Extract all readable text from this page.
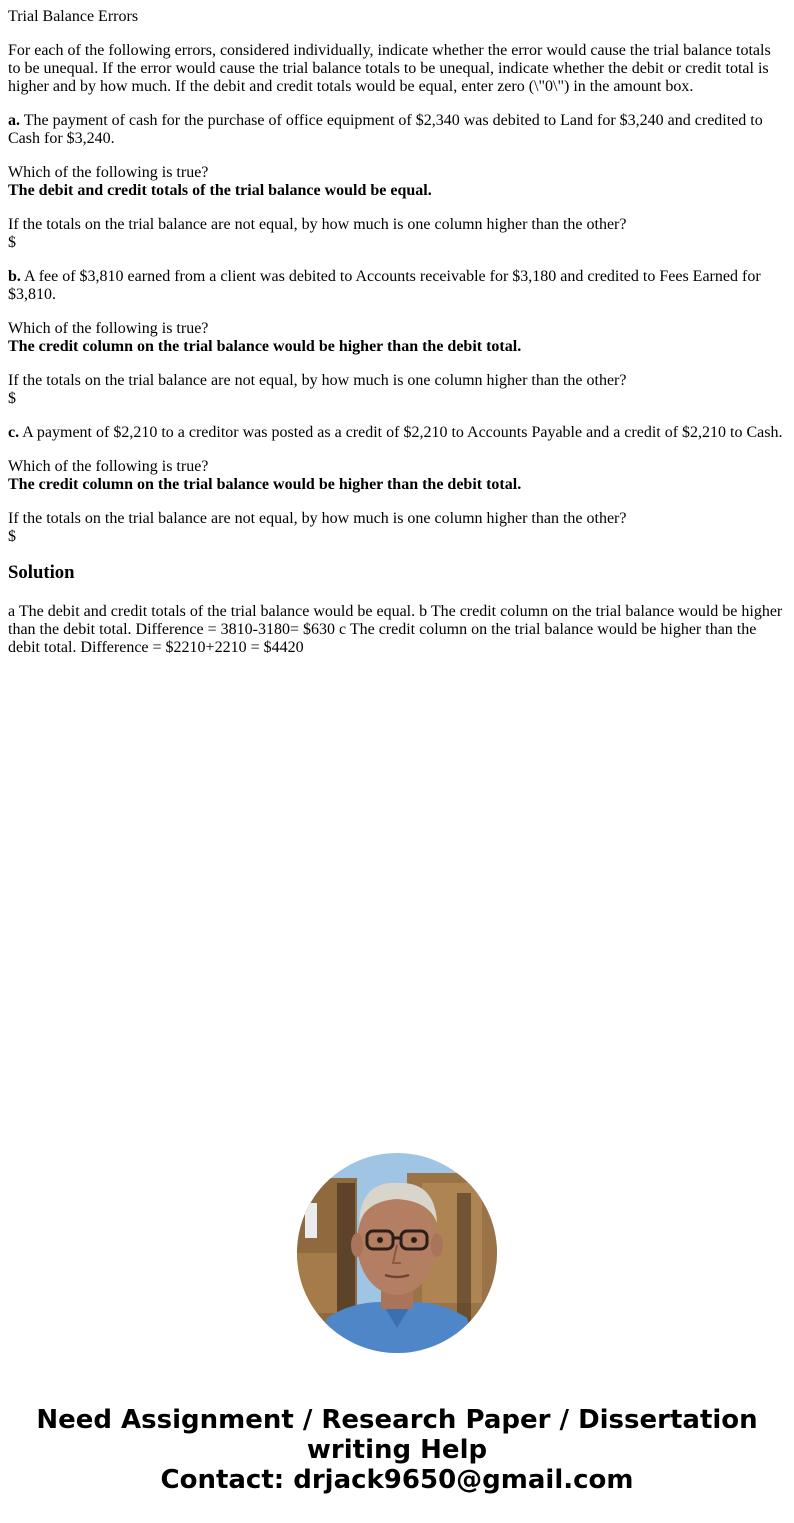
Trial Balance Errors

For each of the following errors, considered individually, indicate whether the error would cause the trial balance totals to be unequal. If the error would cause the trial balance totals to be unequal, indicate whether the debit or credit total is higher and by how much. If the debit and credit totals would be equal, enter zero (\"0\") in the amount box.

a. The payment of cash for the purchase of office equipment of $2,340 was debited to Land for $3,240 and credited to Cash for $3,240.

Which of the following is true?
The debit and credit totals of the trial balance would be equal.

If the totals on the trial balance are not equal, by how much is one column higher than the other?
$

b. A fee of $3,810 earned from a client was debited to Accounts receivable for $3,180 and credited to Fees Earned for $3,810.

Which of the following is true?
The credit column on the trial balance would be higher than the debit total.

If the totals on the trial balance are not equal, by how much is one column higher than the other?
$

c. A payment of $2,210 to a creditor was posted as a credit of $2,210 to Accounts Payable and a credit of $2,210 to Cash.

Which of the following is true?
The credit column on the trial balance would be higher than the debit total.

If the totals on the trial balance are not equal, by how much is one column higher than the other?
$

Solution

a The debit and credit totals of the trial balance would be equal. b The credit column on the trial balance would be higher than the debit total. Difference = 3810-3180= $630 c The credit column on the trial balance would be higher than the debit total. Difference = $2210+2210 = $4420

Need Assignment / Research Paper / Dissertation writing Help
Contact: drjack9650@gmail.com
